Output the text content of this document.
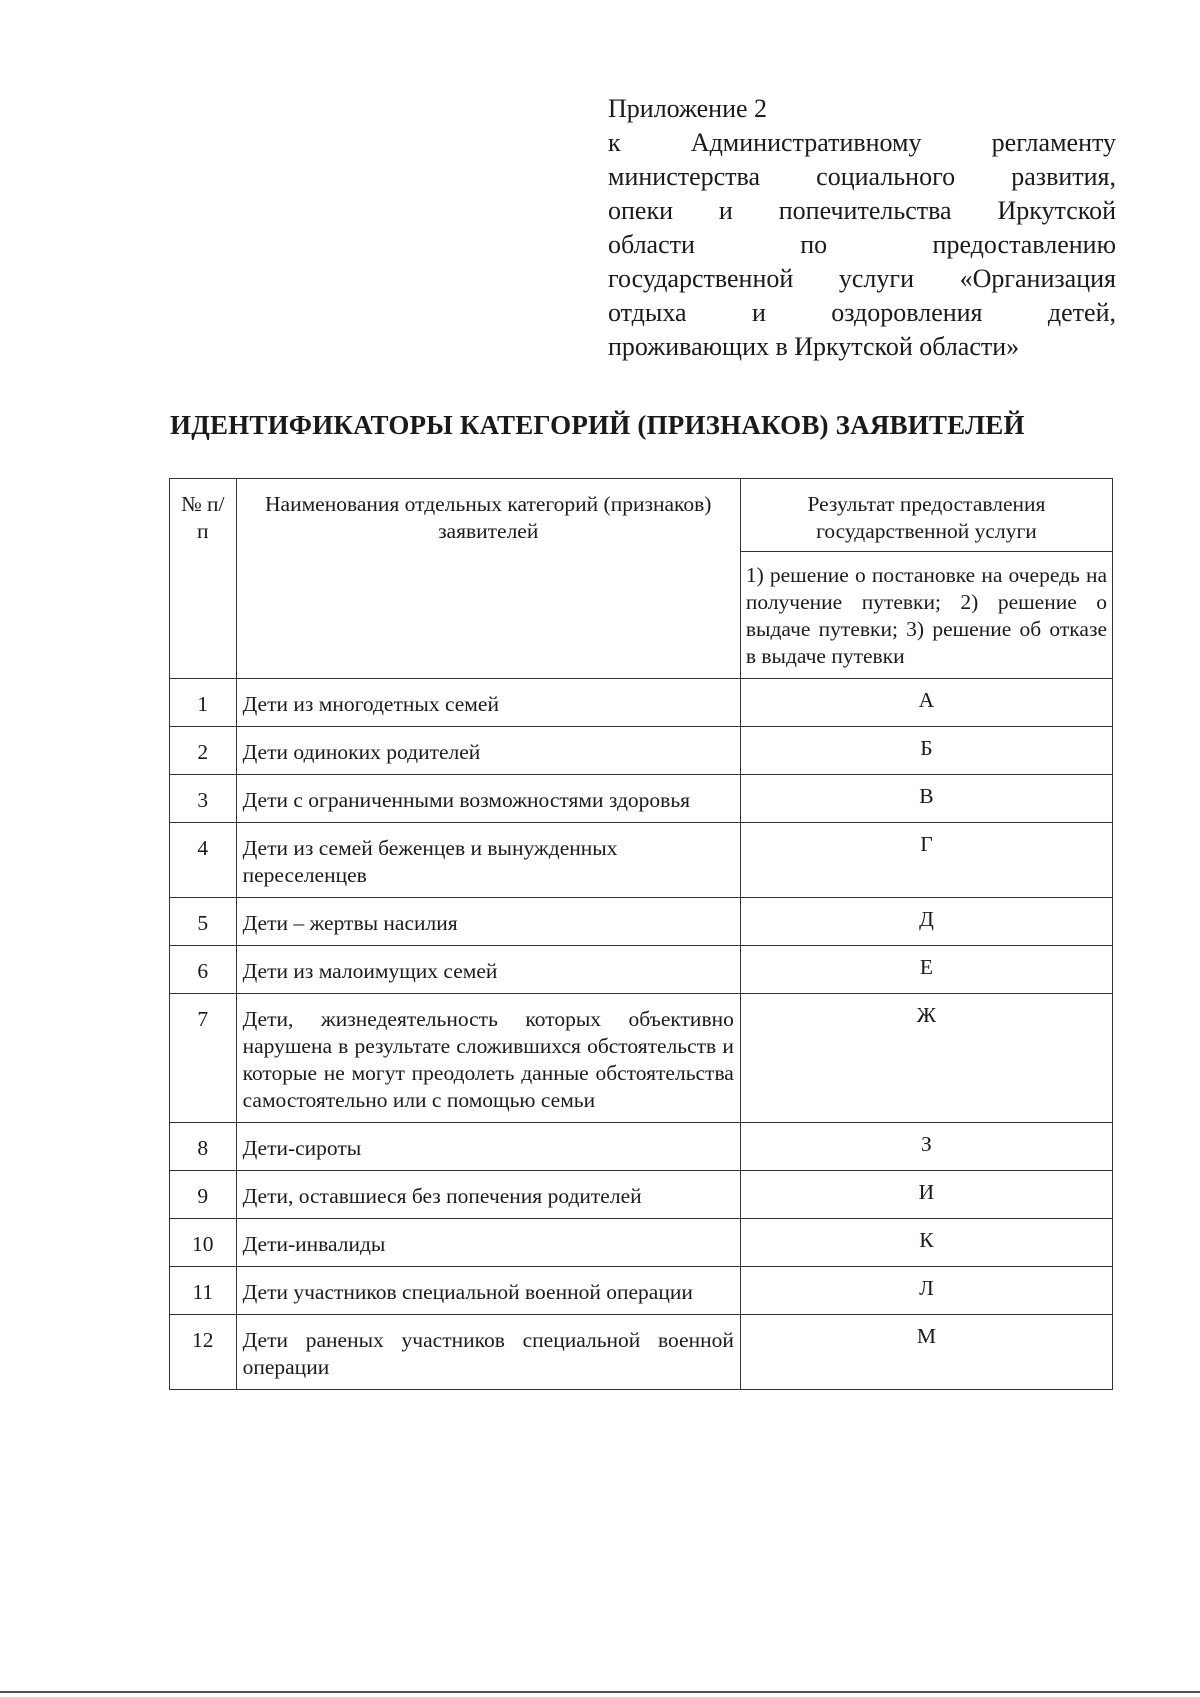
Приложение 2
к Административному регламенту
министерства социального развития,
опеки и попечительства Иркутской
области по предоставлению
государственной услуги «Организация
отдыха и оздоровления детей,
проживающих в Иркутской области»
ИДЕНТИФИКАТОРЫ КАТЕГОРИЙ (ПРИЗНАКОВ) ЗАЯВИТЕЛЕЙ
№ п/п	Наименования отдельных категорий (признаков) заявителей	Результат предоставления государственной услуги
		1) решение о постановке на очередь на получение путевки; 2) решение о выдаче путевки; 3) решение об отказе в выдаче путевки
1	Дети из многодетных семей	А
2	Дети одиноких родителей	Б
3	Дети с ограниченными возможностями здоровья	В
4	Дети из семей беженцев и вынужденных переселенцев	Г
5	Дети – жертвы насилия	Д
6	Дети из малоимущих семей	Е
7	Дети, жизнедеятельность которых объективно нарушена в результате сложившихся обстоятельств и которые не могут преодолеть данные обстоятельства самостоятельно или с помощью семьи	Ж
8	Дети-сироты	З
9	Дети, оставшиеся без попечения родителей	И
10	Дети-инвалиды	К
11	Дети участников специальной военной операции	Л
12	Дети раненых участников специальной военной операции	М
